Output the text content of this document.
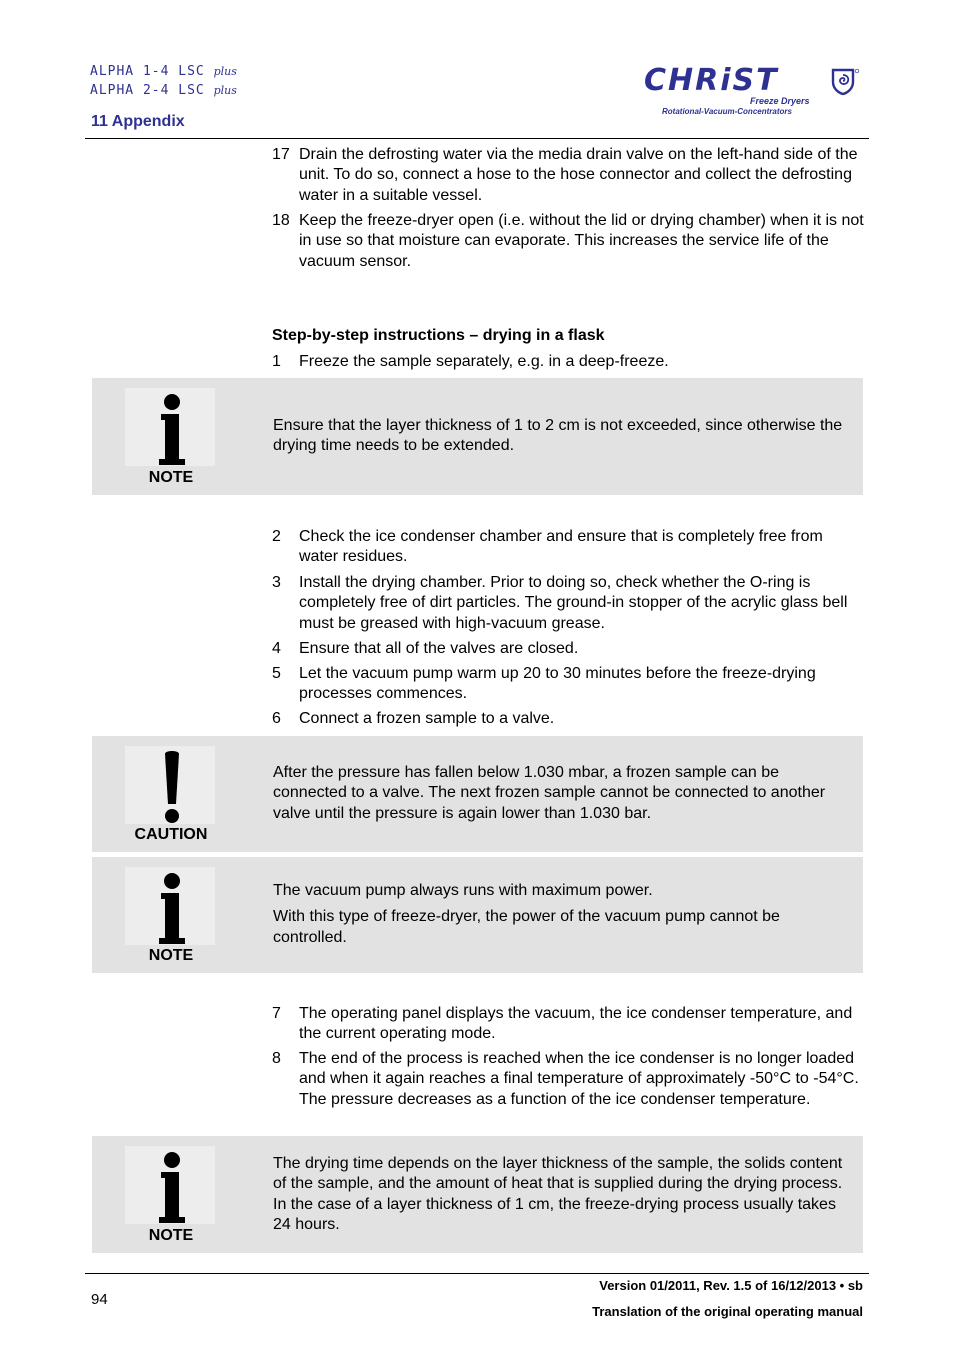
ALPHA 1-4 LSC plus
ALPHA 2-4 LSC plus
11 Appendix
CHRiST
Freeze Dryers
Rotational-Vacuum-Concentrators
17 Drain the defrosting water via the media drain valve on the left-hand side of the unit. To do so, connect a hose to the hose connector and collect the defrosting water in a suitable vessel.
18 Keep the freeze-dryer open (i.e. without the lid or drying chamber) when it is not in use so that moisture can evaporate. This increases the service life of the vacuum sensor.
Step-by-step instructions – drying in a flask
1 Freeze the sample separately, e.g. in a deep-freeze.
NOTE
Ensure that the layer thickness of 1 to 2 cm is not exceeded, since otherwise the drying time needs to be extended.
2 Check the ice condenser chamber and ensure that is completely free from water residues.
3 Install the drying chamber. Prior to doing so, check whether the O-ring is completely free of dirt particles. The ground-in stopper of the acrylic glass bell must be greased with high-vacuum grease.
4 Ensure that all of the valves are closed.
5 Let the vacuum pump warm up 20 to 30 minutes before the freeze-drying processes commences.
6 Connect a frozen sample to a valve.
CAUTION
After the pressure has fallen below 1.030 mbar, a frozen sample can be connected to a valve. The next frozen sample cannot be connected to another valve until the pressure is again lower than 1.030 bar.
NOTE

The vacuum pump always runs with maximum power.

With this type of freeze-dryer, the power of the vacuum pump cannot be controlled.

7 The operating panel displays the vacuum, the ice condenser temperature, and the current operating mode.
8 The end of the process is reached when the ice condenser is no longer loaded and when it again reaches a final temperature of approximately -50°C to -54°C. The pressure decreases as a function of the ice condenser temperature.
NOTE
The drying time depends on the layer thickness of the sample, the solids content of the sample, and the amount of heat that is supplied during the drying process. In the case of a layer thickness of 1 cm, the freeze-drying process usually takes 24 hours.
94
Version 01/2011, Rev. 1.5 of 16/12/2013 • sb
Translation of the original operating manual
